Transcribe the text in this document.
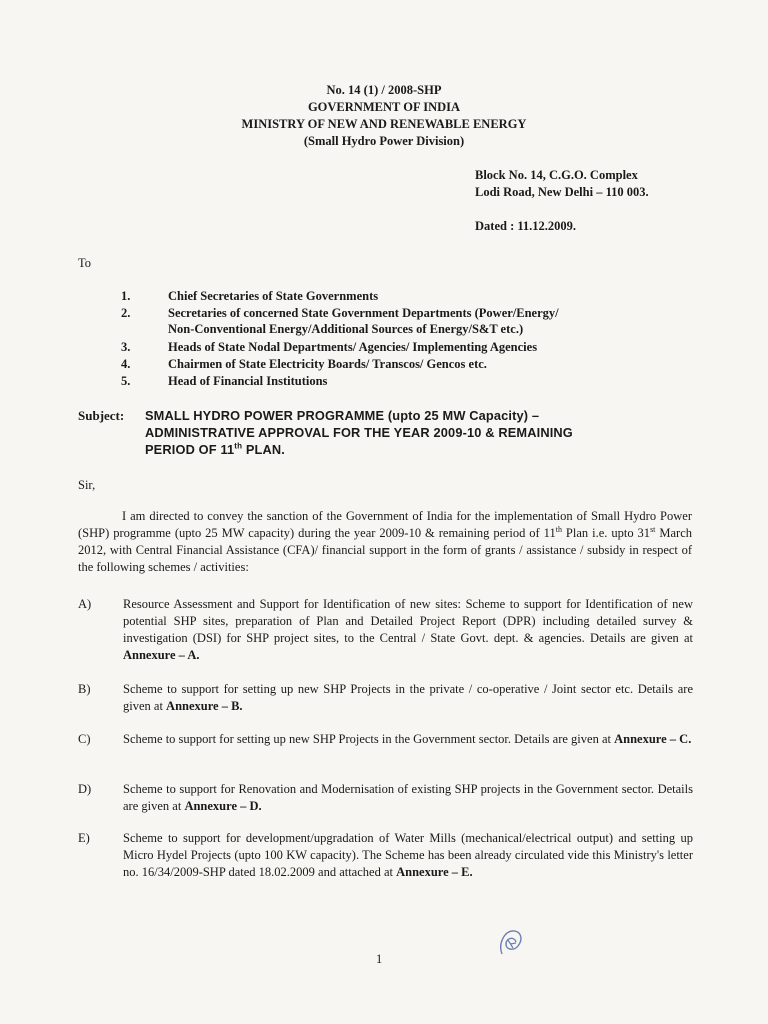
No. 14 (1) / 2008-SHP
GOVERNMENT OF INDIA
MINISTRY OF NEW AND RENEWABLE ENERGY
(Small Hydro Power Division)
Block No. 14, C.G.O. Complex
Lodi Road, New Delhi – 110 003.
Dated : 11.12.2009.
To
1.	Chief Secretaries of State Governments
2.	Secretaries of concerned State Government Departments (Power/Energy/
Non-Conventional Energy/Additional Sources of Energy/S&T etc.)
3.	Heads of State Nodal Departments/ Agencies/ Implementing Agencies
4.	Chairmen of State Electricity Boards/ Transcos/ Gencos etc.
5.	Head of Financial Institutions
Subject: SMALL HYDRO POWER PROGRAMME (upto 25 MW Capacity) –
ADMINISTRATIVE APPROVAL FOR THE YEAR 2009-10 & REMAINING
PERIOD OF 11th PLAN.
Sir,
I am directed to convey the sanction of the Government of India for the implementation of Small Hydro Power (SHP) programme (upto 25 MW capacity) during the year 2009-10 & remaining period of 11th Plan i.e. upto 31st March 2012, with Central Financial Assistance (CFA)/ financial support in the form of grants / assistance / subsidy in respect of the following schemes / activities:
A)	Resource Assessment and Support for Identification of new sites: Scheme to support for Identification of new potential SHP sites, preparation of Plan and Detailed Project Report (DPR) including detailed survey & investigation (DSI) for SHP project sites, to the Central / State Govt. dept. & agencies. Details are given at Annexure – A.
B)	Scheme to support for setting up new SHP Projects in the private / co-operative / Joint sector etc. Details are given at Annexure – B.
C)	Scheme to support for setting up new SHP Projects in the Government sector. Details are given at Annexure – C.
D)	Scheme to support for Renovation and Modernisation of existing SHP projects in the Government sector. Details are given at Annexure – D.
E)	Scheme to support for development/upgradation of Water Mills (mechanical/electrical output) and setting up Micro Hydel Projects (upto 100 KW capacity). The Scheme has been already circulated vide this Ministry's letter no. 16/34/2009-SHP dated 18.02.2009 and attached at Annexure – E.
1
